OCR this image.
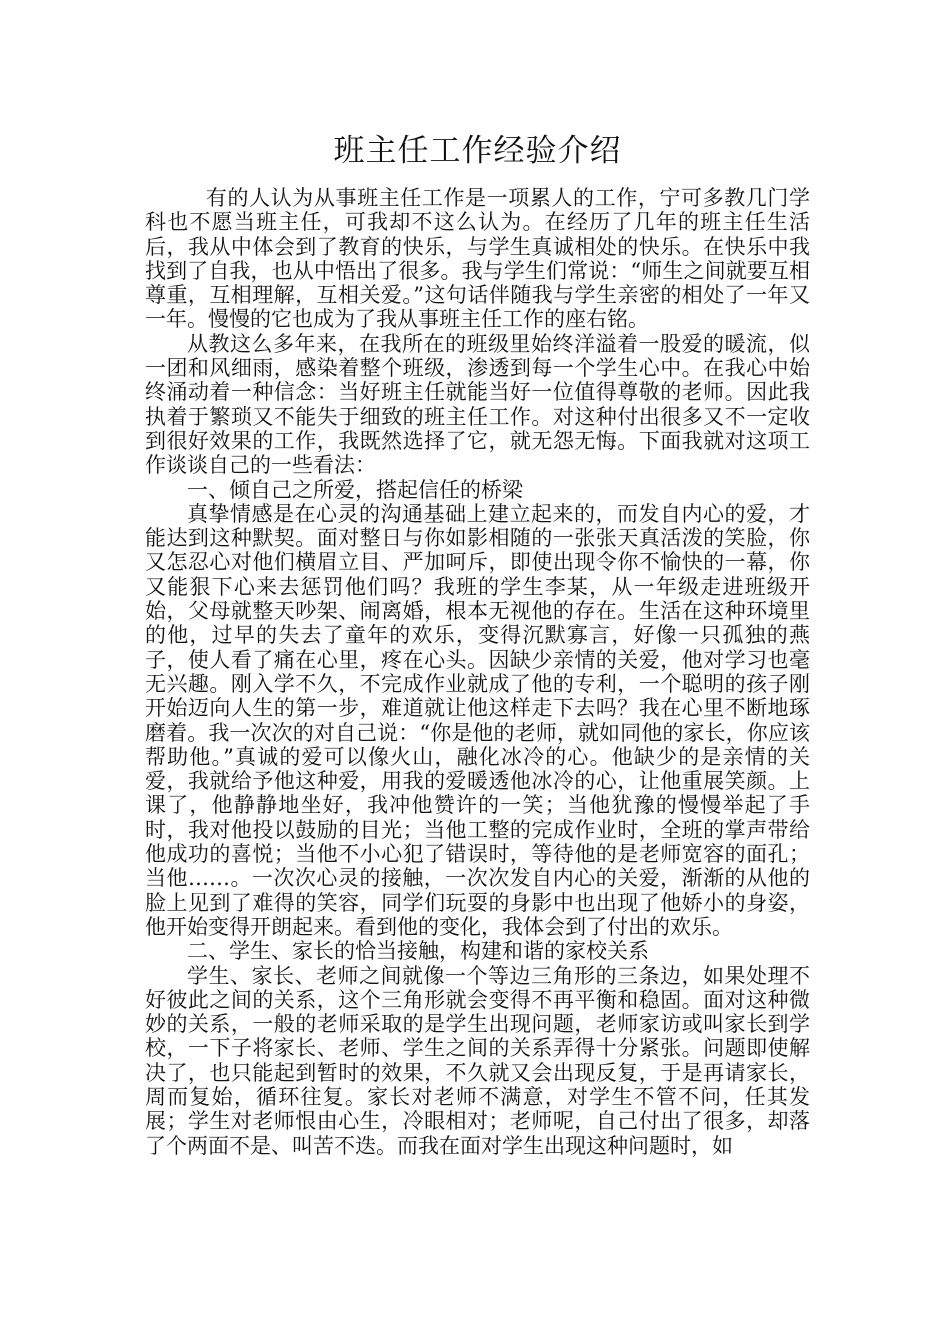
班主任工作经验介绍

有的人认为从事班主任工作是一项累人的工作，宁可多教几门学科也不愿当班主任，可我却不这么认为。在经历了几年的班主任生活后，我从中体会到了教育的快乐，与学生真诚相处的快乐。在快乐中我找到了自我，也从中悟出了很多。我与学生们常说：“师生之间就要互相尊重，互相理解，互相关爱。”这句话伴随我与学生亲密的相处了一年又一年。慢慢的它也成为了我从事班主任工作的座右铭。

从教这么多年来，在我所在的班级里始终洋溢着一股爱的暖流，似一团和风细雨，感染着整个班级，渗透到每一个学生心中。在我心中始终涌动着一种信念：当好班主任就能当好一位值得尊敬的老师。因此我执着于繁琐又不能失于细致的班主任工作。对这种付出很多又不一定收到很好效果的工作，我既然选择了它，就无怨无悔。下面我就对这项工作谈谈自己的一些看法：

一、倾自己之所爱，搭起信任的桥梁

真挚情感是在心灵的沟通基础上建立起来的，而发自内心的爱，才能达到这种默契。面对整日与你如影相随的一张张天真活泼的笑脸，你又怎忍心对他们横眉立目、严加呵斥，即使出现令你不愉快的一幕，你又能狠下心来去惩罚他们吗？我班的学生李某，从一年级走进班级开始，父母就整天吵架、闹离婚，根本无视他的存在。生活在这种环境里的他，过早的失去了童年的欢乐，变得沉默寡言，好像一只孤独的燕子，使人看了痛在心里，疼在心头。因缺少亲情的关爱，他对学习也毫无兴趣。刚入学不久，不完成作业就成了他的专利，一个聪明的孩子刚开始迈向人生的第一步，难道就让他这样走下去吗？我在心里不断地琢磨着。我一次次的对自己说：“你是他的老师，就如同他的家长，你应该帮助他。”真诚的爱可以像火山，融化冰冷的心。他缺少的是亲情的关爱，我就给予他这种爱，用我的爱暖透他冰冷的心，让他重展笑颜。上课了，他静静地坐好，我冲他赞许的一笑；当他犹豫的慢慢举起了手时，我对他投以鼓励的目光；当他工整的完成作业时，全班的掌声带给他成功的喜悦；当他不小心犯了错误时，等待他的是老师宽容的面孔；当他……。一次次心灵的接触，一次次发自内心的关爱，渐渐的从他的脸上见到了难得的笑容，同学们玩耍的身影中也出现了他娇小的身姿，他开始变得开朗起来。看到他的变化，我体会到了付出的欢乐。

二、学生、家长的恰当接触，构建和谐的家校关系

学生、家长、老师之间就像一个等边三角形的三条边，如果处理不好彼此之间的关系，这个三角形就会变得不再平衡和稳固。面对这种微妙的关系，一般的老师采取的是学生出现问题，老师家访或叫家长到学校，一下子将家长、老师、学生之间的关系弄得十分紧张。问题即使解决了，也只能起到暂时的效果，不久就又会出现反复，于是再请家长，周而复始，循环往复。家长对老师不满意，对学生不管不问，任其发展；学生对老师恨由心生，冷眼相对；老师呢，自己付出了很多，却落了个两面不是、叫苦不迭。而我在面对学生出现这种问题时，如
